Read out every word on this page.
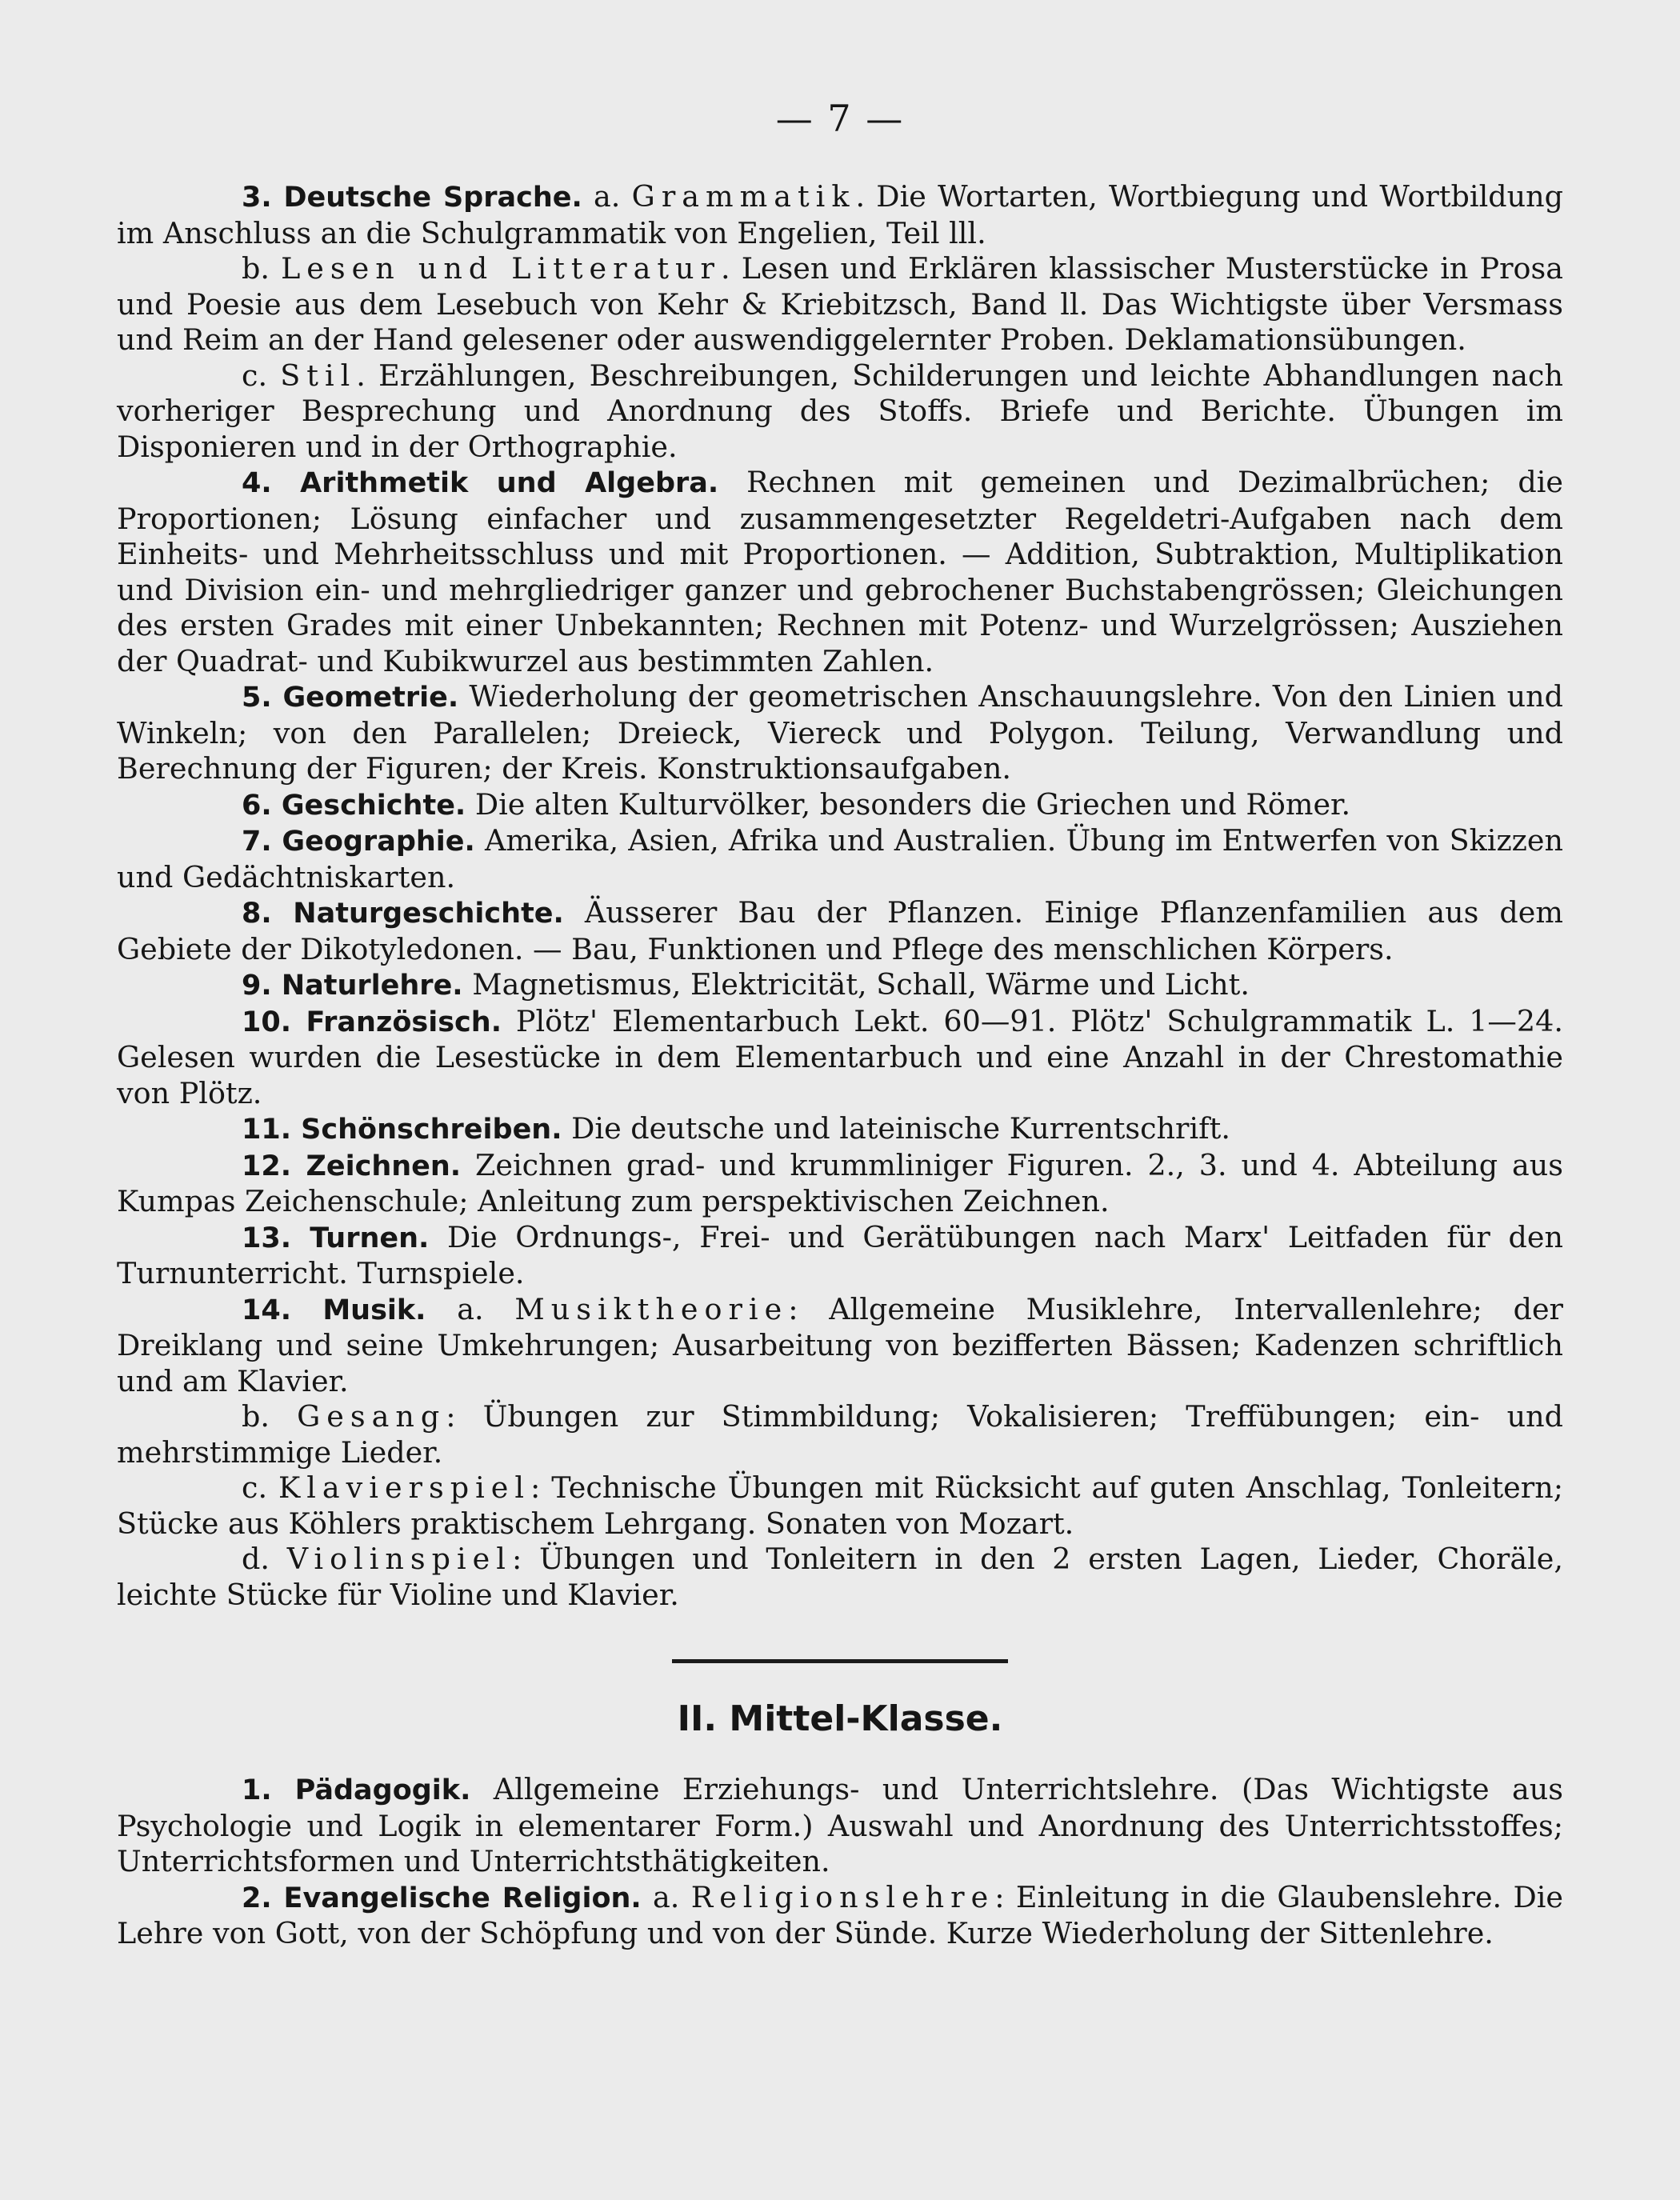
— 7 —

3. Deutsche Sprache. a. Grammatik. Die Wortarten, Wortbiegung und Wortbildung im Anschluss an die Schulgrammatik von Engelien, Teil lll.

b. Lesen und Litteratur. Lesen und Erklären klassischer Musterstücke in Prosa und Poesie aus dem Lesebuch von Kehr & Kriebitzsch, Band ll. Das Wichtigste über Versmass und Reim an der Hand gelesener oder auswendiggelernter Proben. Deklamationsübungen.

c. Stil. Erzählungen, Beschreibungen, Schilderungen und leichte Abhandlungen nach vorheriger Besprechung und Anordnung des Stoffs. Briefe und Berichte. Übungen im Disponieren und in der Orthographie.

4. Arithmetik und Algebra. Rechnen mit gemeinen und Dezimalbrüchen; die Proportionen; Lösung einfacher und zusammengesetzter Regeldetri-Aufgaben nach dem Einheits- und Mehrheitsschluss und mit Proportionen. — Addition, Subtraktion, Multiplikation und Division ein- und mehrgliedriger ganzer und gebrochener Buchstabengrössen; Gleichungen des ersten Grades mit einer Unbekannten; Rechnen mit Potenz- und Wurzelgrössen; Ausziehen der Quadrat- und Kubikwurzel aus bestimmten Zahlen.

5. Geometrie. Wiederholung der geometrischen Anschauungslehre. Von den Linien und Winkeln; von den Parallelen; Dreieck, Viereck und Polygon. Teilung, Verwandlung und Berechnung der Figuren; der Kreis. Konstruktionsaufgaben.

6. Geschichte. Die alten Kulturvölker, besonders die Griechen und Römer.

7. Geographie. Amerika, Asien, Afrika und Australien. Übung im Entwerfen von Skizzen und Gedächtniskarten.

8. Naturgeschichte. Äusserer Bau der Pflanzen. Einige Pflanzenfamilien aus dem Gebiete der Dikotyledonen. — Bau, Funktionen und Pflege des menschlichen Körpers.

9. Naturlehre. Magnetismus, Elektricität, Schall, Wärme und Licht.

10. Französisch. Plötz' Elementarbuch Lekt. 60—91. Plötz' Schulgrammatik L. 1—24. Gelesen wurden die Lesestücke in dem Elementarbuch und eine Anzahl in der Chrestomathie von Plötz.

11. Schönschreiben. Die deutsche und lateinische Kurrentschrift.

12. Zeichnen. Zeichnen grad- und krummliniger Figuren. 2., 3. und 4. Abteilung aus Kumpas Zeichenschule; Anleitung zum perspektivischen Zeichnen.

13. Turnen. Die Ordnungs-, Frei- und Gerätübungen nach Marx' Leitfaden für den Turnunterricht. Turnspiele.

14. Musik. a. Musiktheorie: Allgemeine Musiklehre, Intervallenlehre; der Dreiklang und seine Umkehrungen; Ausarbeitung von bezifferten Bässen; Kadenzen schriftlich und am Klavier.

b. Gesang: Übungen zur Stimmbildung; Vokalisieren; Treffübungen; ein- und mehrstimmige Lieder.

c. Klavierspiel: Technische Übungen mit Rücksicht auf guten Anschlag, Tonleitern; Stücke aus Köhlers praktischem Lehrgang. Sonaten von Mozart.

d. Violinspiel: Übungen und Tonleitern in den 2 ersten Lagen, Lieder, Choräle, leichte Stücke für Violine und Klavier.

II. Mittel-Klasse.

1. Pädagogik. Allgemeine Erziehungs- und Unterrichtslehre. (Das Wichtigste aus Psychologie und Logik in elementarer Form.) Auswahl und Anordnung des Unterrichtsstoffes; Unterrichtsformen und Unterrichtsthätigkeiten.

2. Evangelische Religion. a. Religionslehre: Einleitung in die Glaubenslehre. Die Lehre von Gott, von der Schöpfung und von der Sünde. Kurze Wiederholung der Sittenlehre.
